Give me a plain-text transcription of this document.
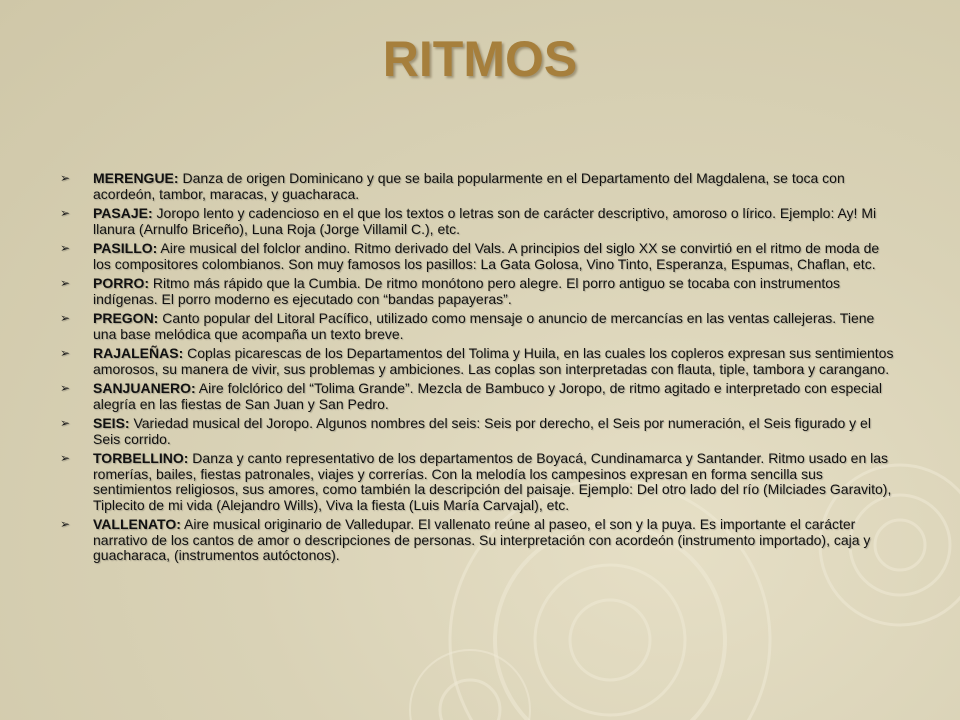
RITMOS
➢ MERENGUE: Danza de origen Dominicano y que se baila popularmente en el Departamento del Magdalena, se toca con acordeón, tambor, maracas, y guacharaca.
➢ PASAJE: Joropo lento y cadencioso en el que los textos o letras son de carácter descriptivo, amoroso o lírico. Ejemplo: Ay! Mi llanura (Arnulfo Briceño), Luna Roja (Jorge Villamil C.), etc.
➢ PASILLO: Aire musical del folclor andino. Ritmo derivado del Vals. A principios del siglo XX se convirtió en el ritmo de moda de los compositores colombianos. Son muy famosos los pasillos: La Gata Golosa, Vino Tinto, Esperanza, Espumas, Chaflan, etc.
➢ PORRO: Ritmo más rápido que la Cumbia. De ritmo monótono pero alegre. El porro antiguo se tocaba con instrumentos indígenas. El porro moderno es ejecutado con “bandas papayeras”.
➢ PREGON: Canto popular del Litoral Pacífico, utilizado como mensaje o anuncio de mercancías en las ventas callejeras. Tiene una base melódica que acompaña un texto breve.
➢ RAJALEÑAS: Coplas picarescas de los Departamentos del Tolima y Huila, en las cuales los copleros expresan sus sentimientos amorosos, su manera de vivir, sus problemas y ambiciones. Las coplas son interpretadas con flauta, tiple, tambora y carangano.
➢ SANJUANERO: Aire folclórico del “Tolima Grande”. Mezcla de Bambuco y Joropo, de ritmo agitado e interpretado con especial alegría en las fiestas de San Juan y San Pedro.
➢ SEIS: Variedad musical del Joropo. Algunos nombres del seis: Seis por derecho, el Seis por numeración, el Seis figurado y el Seis corrido.
➢ TORBELLINO: Danza y canto representativo de los departamentos de Boyacá, Cundinamarca y Santander. Ritmo usado en las romerías, bailes, fiestas patronales, viajes y correrías. Con la melodía los campesinos expresan en forma sencilla sus sentimientos religiosos, sus amores, como también la descripción del paisaje. Ejemplo: Del otro lado del río (Milciades Garavito), Tiplecito de mi vida (Alejandro Wills), Viva la fiesta (Luis María Carvajal), etc.
➢ VALLENATO: Aire musical originario de Valledupar. El vallenato reúne al paseo, el son y la puya. Es importante el carácter narrativo de los cantos de amor o descripciones de personas. Su interpretación con acordeón (instrumento importado), caja y guacharaca, (instrumentos autóctonos).
